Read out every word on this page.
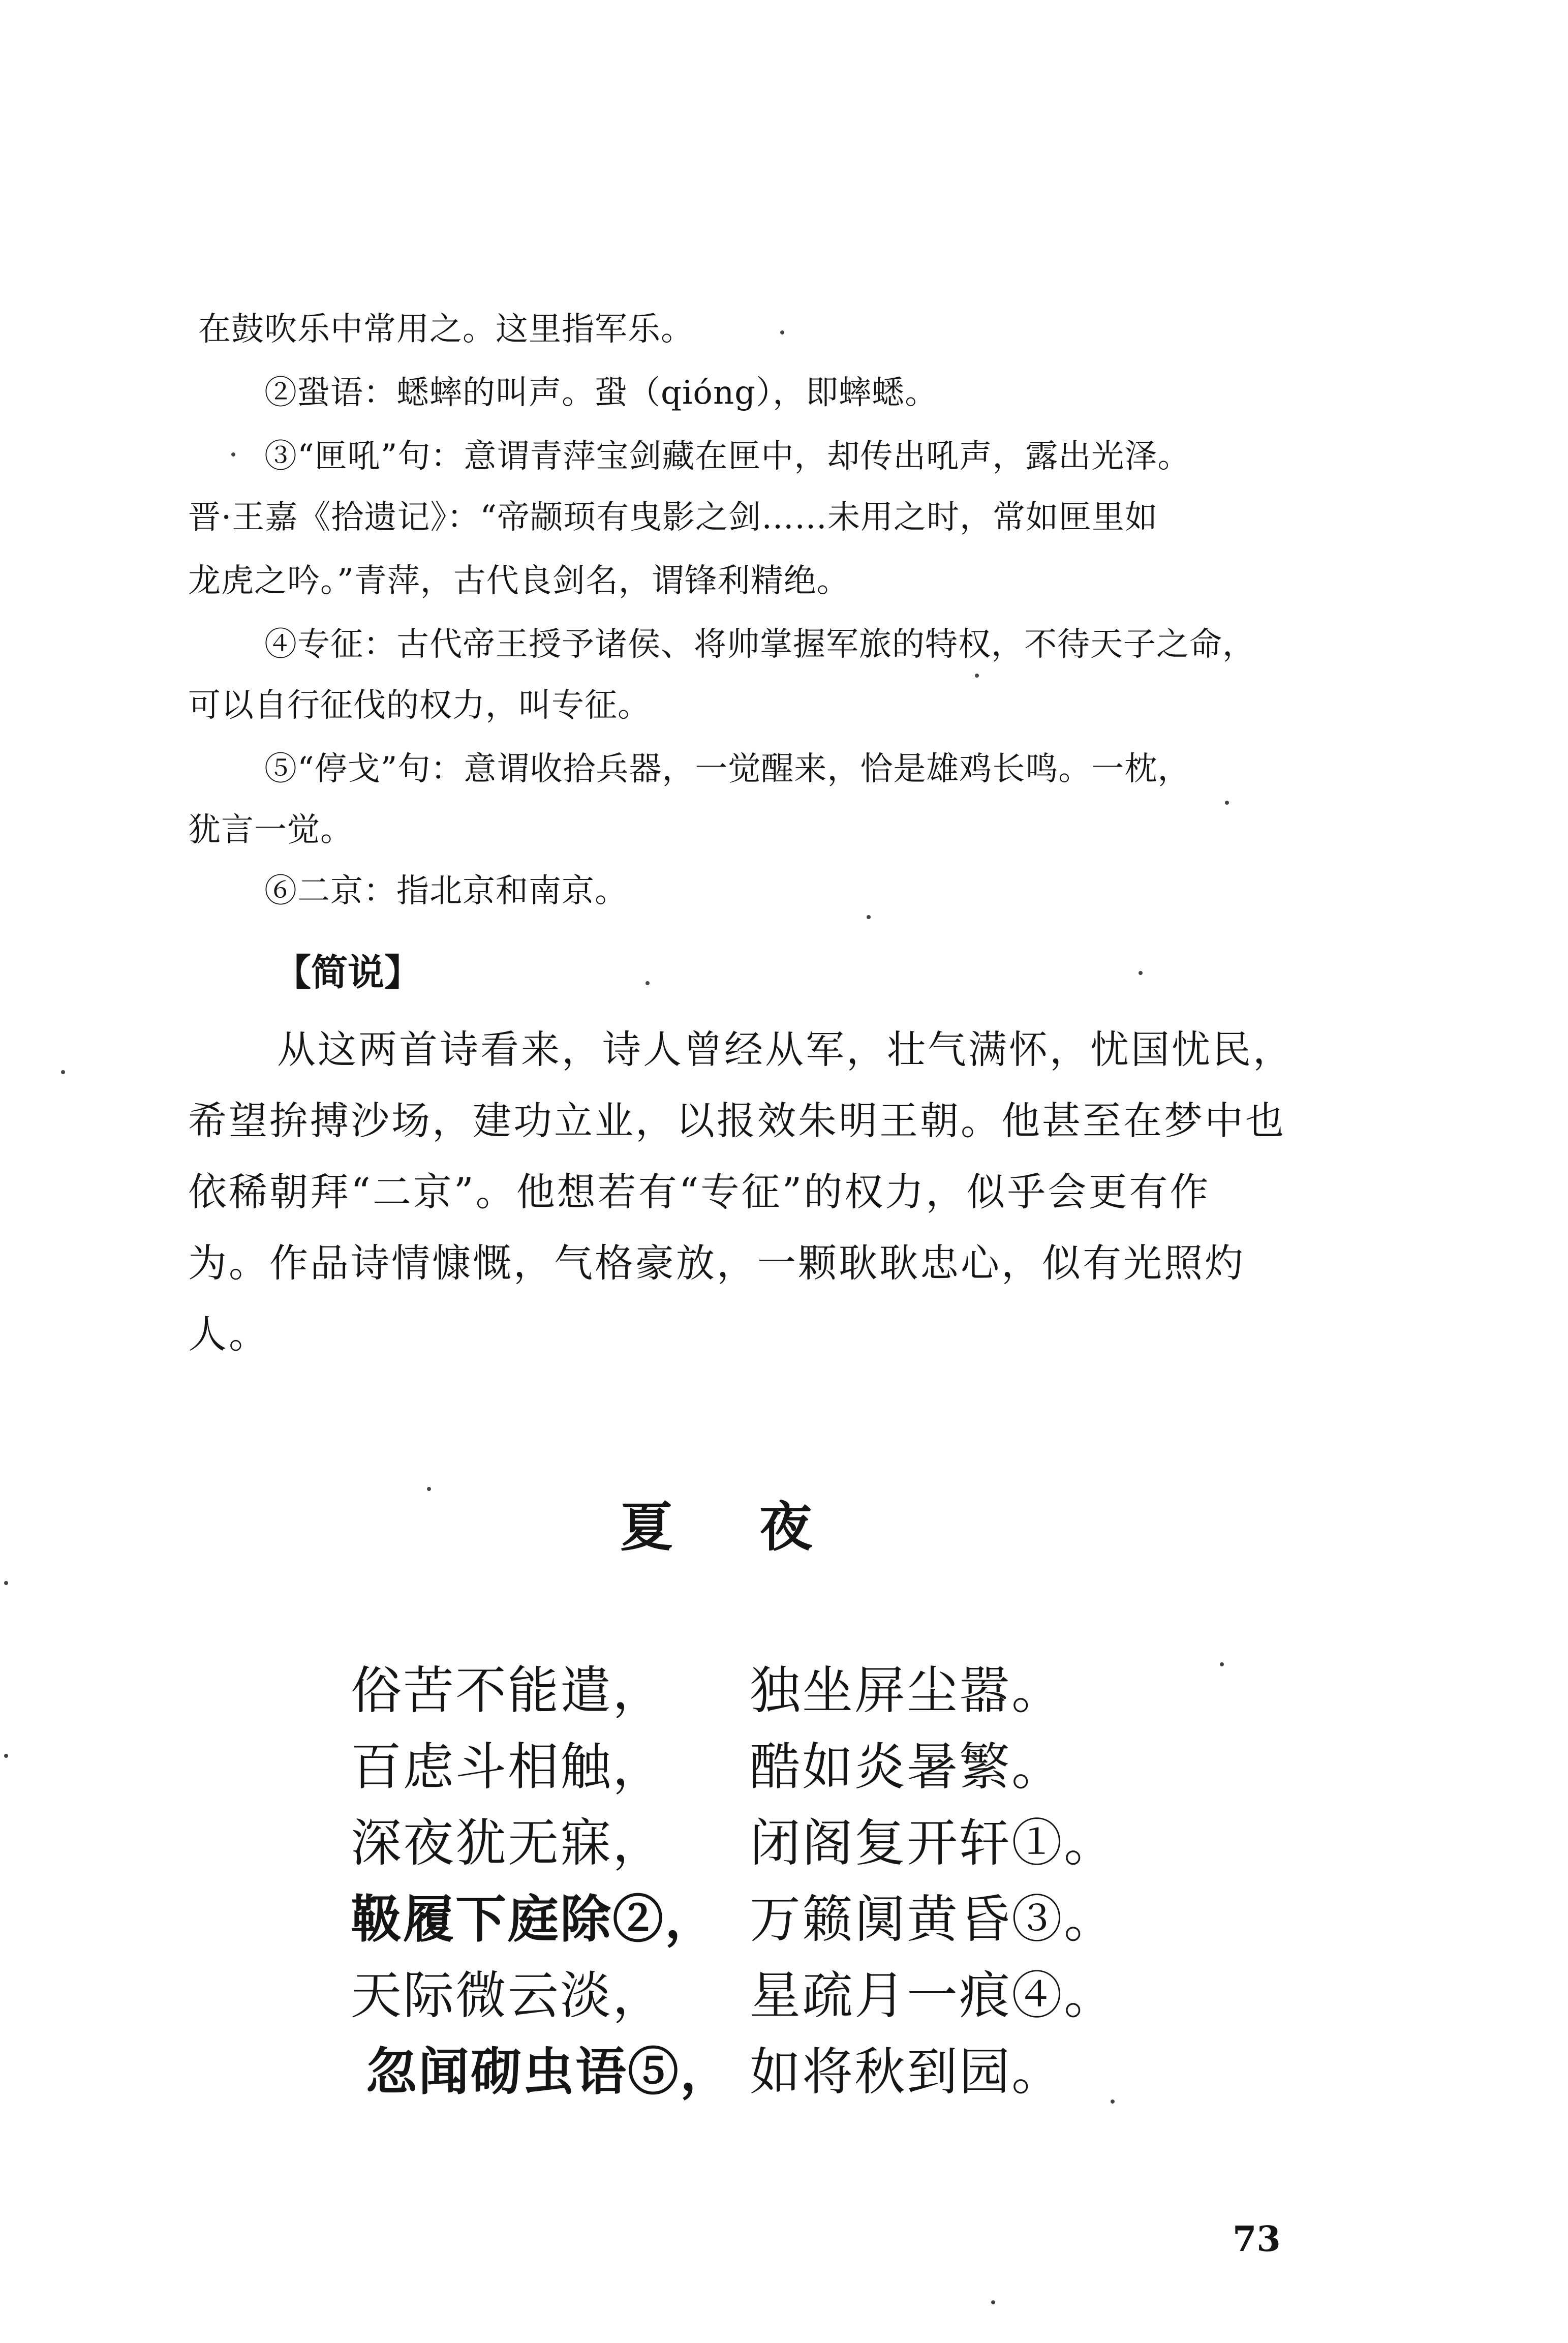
在鼓吹乐中常用之。这里指军乐。
②蛩语：蟋蟀的叫声。蛩（qióng），即蟀蟋。
③“匣吼”句：意谓青萍宝剑藏在匣中，却传出吼声，露出光泽。
晋·王嘉《拾遗记》：“帝颛顼有曳影之剑……未用之时，常如匣里如
龙虎之吟。”青萍，古代良剑名，谓锋利精绝。
④专征：古代帝王授予诸侯、将帅掌握军旅的特权，不待天子之命，
可以自行征伐的权力，叫专征。
⑤“停戈”句：意谓收拾兵器，一觉醒来，恰是雄鸡长鸣。一枕，
犹言一觉。
⑥二京：指北京和南京。
【简说】
从这两首诗看来，诗人曾经从军，壮气满怀，忧国忧民，
希望拚搏沙场，建功立业，以报效朱明王朝。他甚至在梦中也
依稀朝拜“二京”。他想若有“专征”的权力，似乎会更有作
为。作品诗情慷慨，气格豪放，一颗耿耿忠心，似有光照灼
人。
夏夜
俗苦不能遣， 独坐屏尘嚣。
百虑斗相触， 酷如炎暑繁。
深夜犹无寐， 闭阁复开轩①。
靸履下庭除②， 万籁阒黄昏③。
天际微云淡， 星疏月一痕④。
忽闻砌虫语⑤， 如将秋到园。
73
